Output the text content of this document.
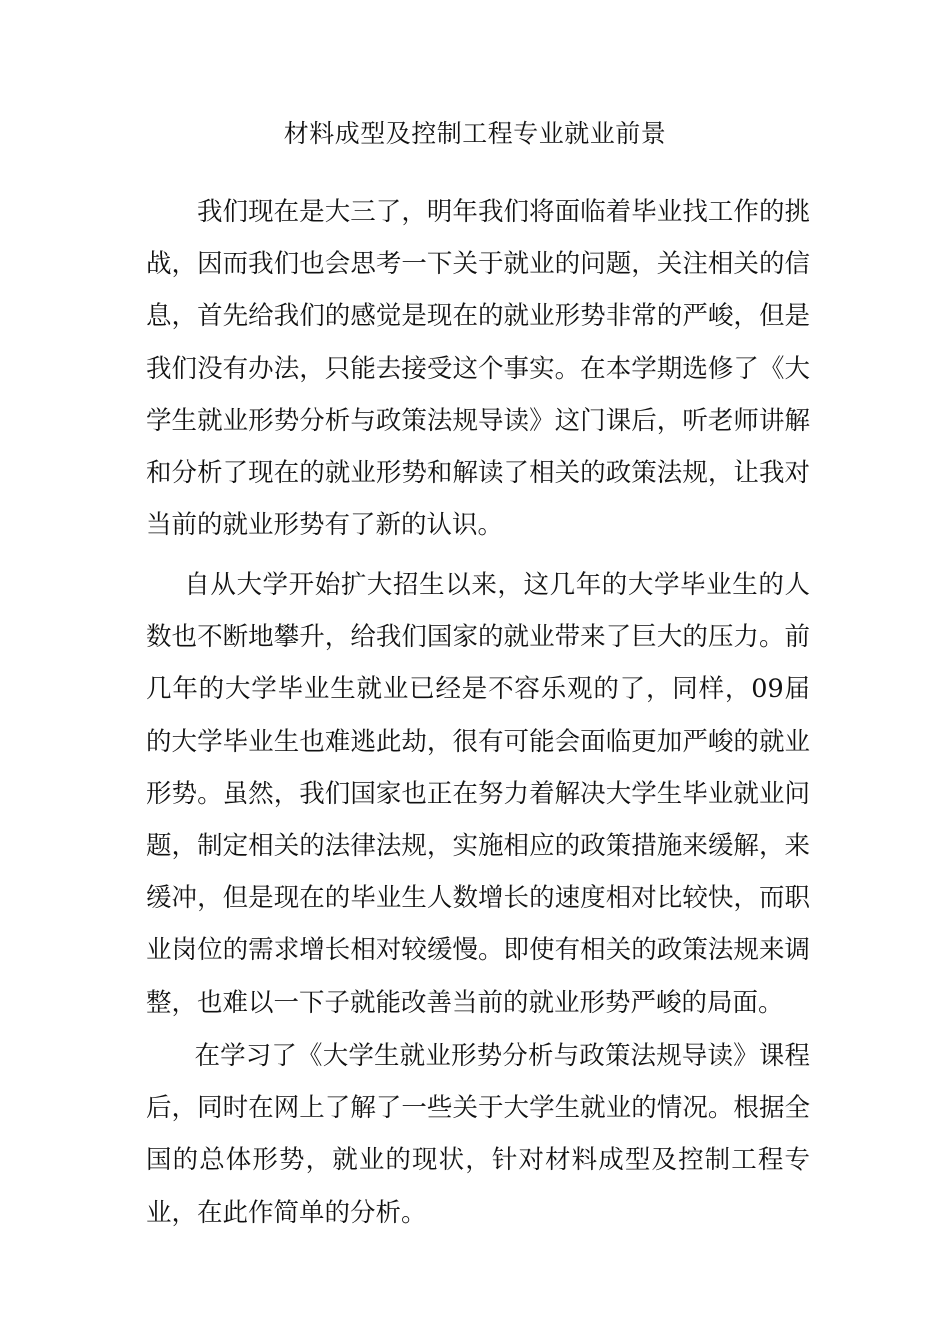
材料成型及控制工程专业就业前景

我们现在是大三了，明年我们将面临着毕业找工作的挑战，因而我们也会思考一下关于就业的问题，关注相关的信息，首先给我们的感觉是现在的就业形势非常的严峻，但是我们没有办法，只能去接受这个事实。在本学期选修了《大学生就业形势分析与政策法规导读》这门课后，听老师讲解和分析了现在的就业形势和解读了相关的政策法规，让我对当前的就业形势有了新的认识。

自从大学开始扩大招生以来，这几年的大学毕业生的人数也不断地攀升，给我们国家的就业带来了巨大的压力。前几年的大学毕业生就业已经是不容乐观的了，同样，09届的大学毕业生也难逃此劫，很有可能会面临更加严峻的就业形势。虽然，我们国家也正在努力着解决大学生毕业就业问题，制定相关的法律法规，实施相应的政策措施来缓解，来缓冲，但是现在的毕业生人数增长的速度相对比较快，而职业岗位的需求增长相对较缓慢。即使有相关的政策法规来调整，也难以一下子就能改善当前的就业形势严峻的局面。

在学习了《大学生就业形势分析与政策法规导读》课程后，同时在网上了解了一些关于大学生就业的情况。根据全国的总体形势，就业的现状，针对材料成型及控制工程专业，在此作简单的分析。
